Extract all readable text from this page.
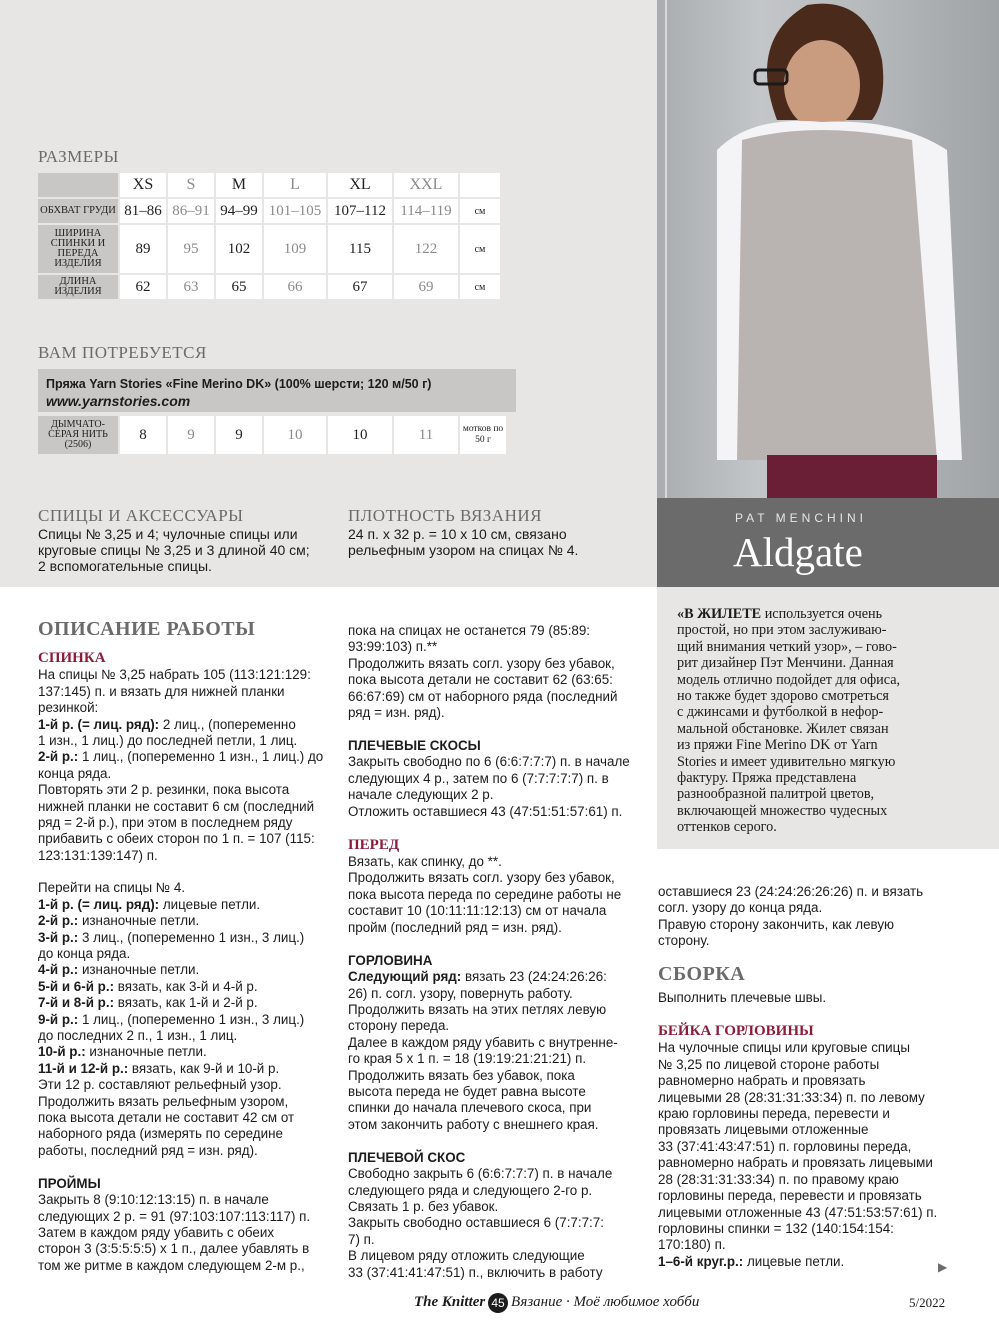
РАЗМЕРЫ
	XS	S	M	L	XL	XXL	
ОБХВАТ ГРУДИ	81–86	86–91	94–99	101–105	107–112	114–119	см
ШИРИНА СПИНКИ И ПЕРЕДА ИЗДЕЛИЯ	89	95	102	109	115	122	см
ДЛИНА ИЗДЕЛИЯ	62	63	65	66	67	69	см
ВАМ ПОТРЕБУЕТСЯ
Пряжа Yarn Stories «Fine Merino DK» (100% шерсти; 120 м/50 г)
www.yarnstories.com
ДЫМЧАТО-СЕРАЯ НИТЬ (2506)	8	9	9	10	10	11	мотков по 50 г
СПИЦЫ И АКСЕССУАРЫ
Спицы № 3,25 и 4; чулочные спицы или
круговые спицы № 3,25 и 3 длиной 40 см;
2 вспомогательные спицы.
ПЛОТНОСТЬ ВЯЗАНИЯ
24 п. х 32 р. = 10 х 10 см, связано
рельефным узором на спицах № 4.
PAT MENCHINI
Aldgate
«В ЖИЛЕТЕ используется очень
простой, но при этом заслуживаю-
щий внимания четкий узор», – гово-
рит дизайнер Пэт Менчини. Данная
модель отлично подойдет для офиса,
но также будет здорово смотреться
с джинсами и футболкой в нефор-
мальной обстановке. Жилет связан
из пряжи Fine Merino DK от Yarn
Stories и имеет удивительно мягкую
фактуру. Пряжа представлена
разнообразной палитрой цветов,
включающей множество чудесных
оттенков серого.
ОПИСАНИЕ РАБОТЫ
СПИНКА

На спицы № 3,25 набрать 105 (113:121:129:

137:145) п. и вязать для нижней планки

резинкой:

1-й р. (= лиц. ряд): 2 лиц., (попеременно

1 изн., 1 лиц.) до последней петли, 1 лиц.

2-й р.: 1 лиц., (попеременно 1 изн., 1 лиц.) до

конца ряда.

Повторять эти 2 р. резинки, пока высота

нижней планки не составит 6 см (последний

ряд = 2-й р.), при этом в последнем ряду

прибавить с обеих сторон по 1 п. = 107 (115:

123:131:139:147) п.

Перейти на спицы № 4.

1-й р. (= лиц. ряд): лицевые петли.

2-й р.: изнаночные петли.

3-й р.: 3 лиц., (попеременно 1 изн., 3 лиц.)

до конца ряда.

4-й р.: изнаночные петли.

5-й и 6-й р.: вязать, как 3-й и 4-й р.

7-й и 8-й р.: вязать, как 1-й и 2-й р.

9-й р.: 1 лиц., (попеременно 1 изн., 3 лиц.)

до последних 2 п., 1 изн., 1 лиц.

10-й р.: изнаночные петли.

11-й и 12-й р.: вязать, как 9-й и 10-й р.

Эти 12 р. составляют рельефный узор.

Продолжить вязать рельефным узором,

пока высота детали не составит 42 см от

наборного ряда (измерять по середине

работы, последний ряд = изн. ряд).

ПРОЙМЫ

Закрыть 8 (9:10:12:13:15) п. в начале

следующих 2 р. = 91 (97:103:107:113:117) п.

Затем в каждом ряду убавить с обеих

сторон 3 (3:5:5:5:5) х 1 п., далее убавлять в

том же ритме в каждом следующем 2-м р.,

пока на спицах не останется 79 (85:89:

93:99:103) п.**

Продолжить вязать согл. узору без убавок,

пока высота детали не составит 62 (63:65:

66:67:69) см от наборного ряда (последний

ряд = изн. ряд).

ПЛЕЧЕВЫЕ СКОСЫ

Закрыть свободно по 6 (6:6:7:7:7) п. в начале

следующих 4 р., затем по 6 (7:7:7:7:7) п. в

начале следующих 2 р.

Отложить оставшиеся 43 (47:51:51:57:61) п.

ПЕРЕД

Вязать, как спинку, до **.

Продолжить вязать согл. узору без убавок,

пока высота переда по середине работы не

составит 10 (10:11:11:12:13) см от начала

пройм (последний ряд = изн. ряд).

ГОРЛОВИНА

Следующий ряд: вязать 23 (24:24:26:26:

26) п. согл. узору, повернуть работу.

Продолжить вязать на этих петлях левую

сторону переда.

Далее в каждом ряду убавить с внутренне-

го края 5 х 1 п. = 18 (19:19:21:21:21) п.

Продолжить вязать без убавок, пока

высота переда не будет равна высоте

спинки до начала плечевого скоса, при

этом закончить работу с внешнего края.

ПЛЕЧЕВОЙ СКОС

Свободно закрыть 6 (6:6:7:7:7) п. в начале

следующего ряда и следующего 2-го р.

Связать 1 р. без убавок.

Закрыть свободно оставшиеся 6 (7:7:7:7:

7) п.

В лицевом ряду отложить следующие

33 (37:41:41:47:51) п., включить в работу

оставшиеся 23 (24:24:26:26:26) п. и вязать

согл. узору до конца ряда.

Правую сторону закончить, как левую

сторону.

СБОРКА

Выполнить плечевые швы.

БЕЙКА ГОРЛОВИНЫ

На чулочные спицы или круговые спицы

№ 3,25 по лицевой стороне работы

равномерно набрать и провязать

лицевыми 28 (28:31:31:33:34) п. по левому

краю горловины переда, перевести и

провязать лицевыми отложенные

33 (37:41:43:47:51) п. горловины переда,

равномерно набрать и провязать лицевыми

28 (28:31:31:33:34) п. по правому краю

горловины переда, перевести и провязать

лицевыми отложенные 43 (47:51:53:57:61) п.

горловины спинки = 132 (140:154:154:

170:180) п.

1–6-й круг.р.: лицевые петли.	▶
The Knitter 45 Вязание · Моё любимое хобби	5/2022
